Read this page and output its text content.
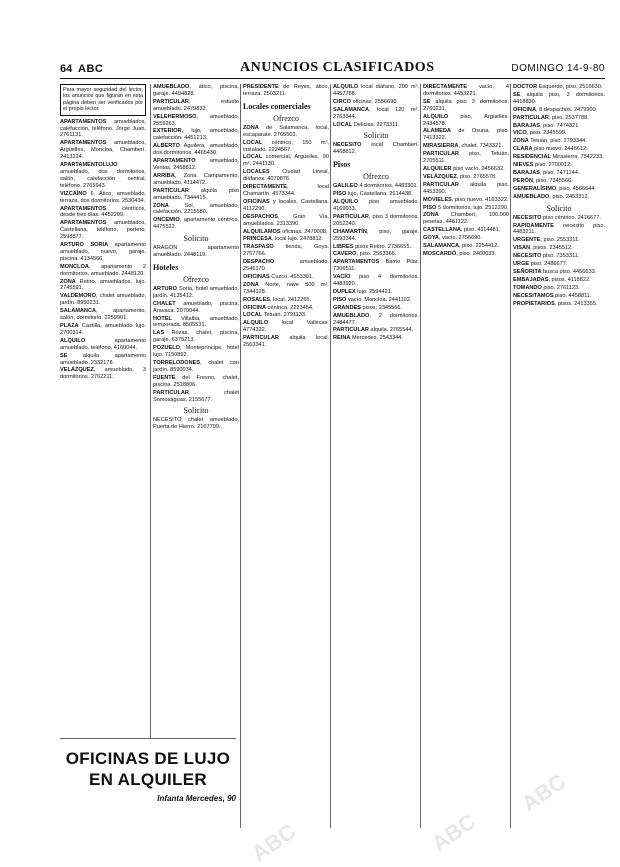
64 ABC	ANUNCIOS CLASIFICADOS	DOMINGO 14-9-80
Para mayor seguridad del lector, los anuncios que figuran en esta página deben ser verificados por el propio lector.

APARTAMENTOS amueblados, calefacción, teléfono. Jorge Juan. 2761131.

APARTAMENTOS amueblados, Argüelles, Moncloa, Chamberí. 2413224.

APARTAMENTOLUJO amueblado, dos dormitorios, salón, calefacción central, teléfono. 2765943.

VIZCAÍNO 6. Ático, amueblado, terraza, dos dormitorios. 2530434.

APARTAMENTOS céntricos, desde tres días. 4452209.

APARTAMENTOS amueblados, Castellana, teléfono, portero. 2598877.

ARTURO SORIA apartamento amueblado, nuevo, garaje, piscina. 4134566.

MONCLOA, apartamento 2 dormitorios, amueblado. 2448120.

ZONA Retiro, amueblados, lujo. 2745591.

VALDEMORO, chalet amueblado, jardín. 8950231.

SALAMANCA, apartamento, salón, dormitorio. 2259901.

PLAZA Castilla, amueblado lujo. 2700314.

ALQUILO apartamento amueblado, teléfono. 4160044.

SE alquila apartamento amueblado. 2332178.

VELÁZQUEZ, amueblado, 3 dormitorios. 2762211.

AMUEBLADO, ático, piscina, garaje. 4404828.

PARTICULAR, estudio amueblado. 2479832.

VELEHERMOSO, amueblado. 2559263.

EXTERIOR, lujo, amueblado, calefacción. 4451213.

ALBERTO Aguilera, amueblado, dos dormitorios. 4465430.

APARTAMENTO amueblado, Ventas. 2458812.

ARRIBA, Zona Campamento, amueblado. 4114472.

PARTICULAR alquila piso amueblado. 7344415.

ZONA Sol, amueblado, calefacción. 2215580.

ONCEMIO, apartamento céntrico. 4475522.

Solicito

ARAGÓN apartamento amueblado. 2448119.

Hoteles
Ofrezco

ARTURO Soria, hotel amueblado, jardín. 4135412.

CHALET amueblado, piscina, Aravaca. 2070044.

HOTEL Villalba, amueblado, temporada. 8505531.

LAS Rozas, chalet, piscina, garaje. 6370213.

POZUELO, Montepríncipe, hotel lujo. 7150892.

TORRELODONES, chalet con jardín. 8590034.

FUENTE del Fresno, chalet, piscina. 2518806.

PARTICULAR, chalet Somosaguas. 2155677.

Solicito

NECESITO chalet amueblado, Puerta de Hierro. 2167799.

PRESIDENTE de Reyes, ático, terraza. 2503211.

Locales comerciales
Ofrezco

ZONA de Salamanca, local, escaparate. 2765501.

LOCAL céntrico, 150 m², instalado. 2224567.

LOCAL comercial, Argüelles, 90 m². 2441130.

LOCALES Ciudad Lineal, diáfanos. 4070876.

DIRECTAMENTE, local Chamartín. 4573344.

OFICINAS y locales, Castellana. 4112290.

DESPACHOS, Gran Vía, amueblados. 2313390.

ALQUILAMOS oficinas. 2479008.

PRINCESA, local lujo. 2478812.

TRASPASO tienda, Goya. 2757766.

DESPACHO amueblado. 2546170.

OFICINAS Cuzco. 4553301.

ZONA Norte, nave 500 m². 7344128.

ROSALES, local. 2412265.

OFICINA céntrica. 2223454.

LOCAL Tetuán. 2791133.

ALQUILO local Vallecas. 4774322.

PARTICULAR alquila local. 2563341.

ALQUILO local diáfano, 200 m². 4457788.

CIRCO oficinas. 2556690.

SALAMANCA, local 120 m². 2763344.

LOCAL Delicias. 2273311.

Solicito

NECESITO local Chamberí. 4468812.

Pisos
Ofrezco

GALILEO 4 dormitorios. 4483301.

PISO lujo, Castellana. 2614438.

ALQUILO piso amueblado. 4169933.

PARTICULAR, piso 3 dormitorios. 2052240.

CHAMARTÍN, piso, garaje. 2593344.

LIBRES pisos Retiro. 2736655.

CAVERO, piso. 2563366.

APARTAMENTOS Barrio Pilar. 7306511.

VACÍO piso 4 dormitorios. 4483920.

DUPLEX lujo. 2594421.

PISO vacío, Moncloa. 2441102.

GRANDES pisos. 2345566.

AMUEBLADO, 2 dormitorios. 2484477.

PARTICULAR alquila. 2765544.

REINA Mercedes. 2543344.

DIRECTAMENTE vacío, 4 dormitorios. 4453221.

SE alquila piso 3 dormitorios. 2760231.

ALQUILO piso, Argüelles. 2434578.

ALAMEDA de Osuna, piso. 7413322.

MIRASIERRA, chalet. 7343321.

PARTICULAR piso, Tetuán. 2705511.

ALQUILER piso vacío. 2456632.

VELÁZQUEZ, piso. 2765578.

PARTICULAR alquila piso. 4453390.

MOVIELES, piso nuevo. 4163322.

PISO 5 dormitorios, lujo. 2512290.

ZONA Chamberí, 100.000 pesetas. 4461122.

CASTELLANA, piso. 4114481.

GOYA, vacío. 2756690.

SALAMANCA, piso. 2254412.

MOSCARDÓ, piso. 2460033.

DOCTOR Esquerdo, piso. 2516630.

SE alquila piso, 3 dormitorios. 4418830.

OFICINA, 8 despachos. 2479900.

PARTICULAR, piso. 2537788.

BARAJAS, piso. 7474321.

VICO, piso. 2345599.

ZONA Tetuán, piso. 2793344.

CLARA piso nuevo. 2446612.

RESIDENCIAL Mirasierra. 7342233.

NIEVES piso. 2700012.

BARAJAS, piso. 7471144.

PERÓN, piso. 7345566.

GENERALÍSIMO, piso. 4566644.

AMUEBLADO, piso. 2453312.

Solicito

NECESITO piso céntrico. 2416677.

RAPIDAMENTE necesito piso. 4483211.

URGENTE, piso. 2553311.

VISAN, pisos. 2345512.

NECESITO piso. 7353311.

URGE piso. 2486677.

SEÑORITA busca piso. 4456633.

EMBAJADAS, pisos. 4118822.

TOMANDO piso. 2761123.

NECESITAMOS piso. 4458811.

PROPIETARIOS, pisos. 2413355.

OFICINAS DE LUJO
EN ALQUILER
Infanta Mercedes, 90
ABC
ABC
ABC
